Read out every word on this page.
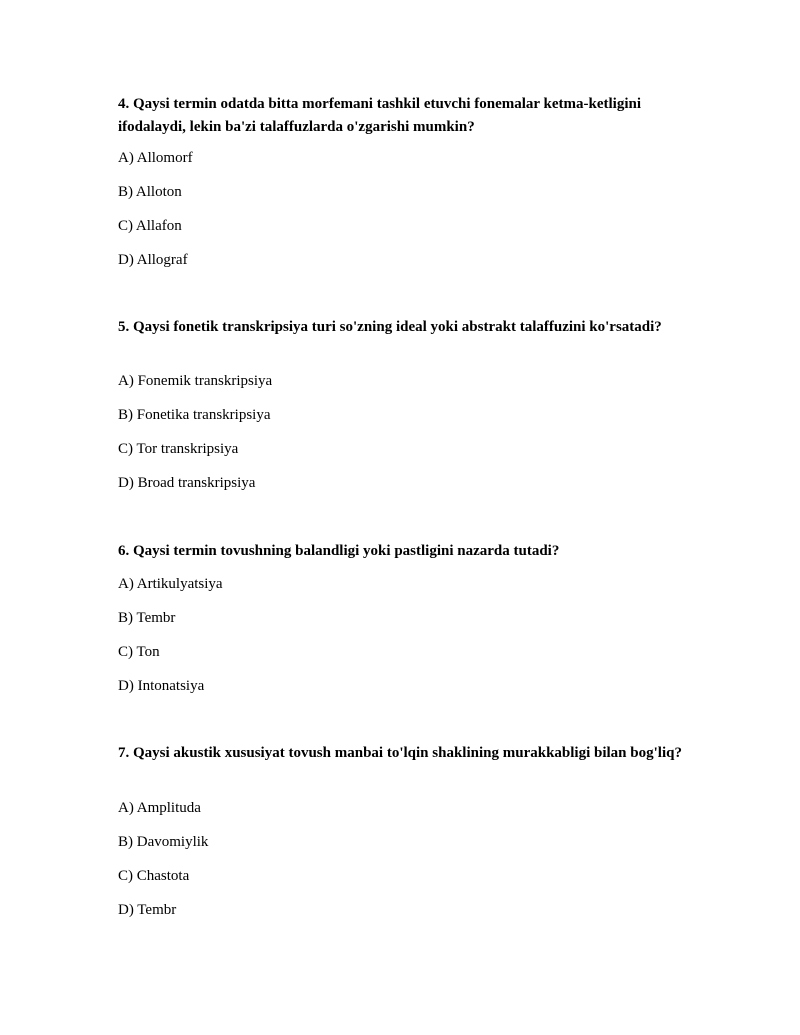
4. Qaysi termin odatda bitta morfemani tashkil etuvchi fonemalar ketma-ketligini ifodalaydi, lekin ba'zi talaffuzlarda o'zgarishi mumkin?

A) Allomorf

B) Alloton

C) Allafon

D) Allograf

5. Qaysi fonetik transkripsiya turi so'zning ideal yoki abstrakt talaffuzini ko'rsatadi?

A) Fonemik transkripsiya

B) Fonetika transkripsiya

C) Tor transkripsiya

D) Broad transkripsiya

6. Qaysi termin tovushning balandligi yoki pastligini nazarda tutadi?

A) Artikulyatsiya

B) Tembr

C) Ton

D) Intonatsiya

7. Qaysi akustik xususiyat tovush manbai to'lqin shaklining murakkabligi bilan bog'liq?

A) Amplituda

B) Davomiylik

C) Chastota

D) Tembr
